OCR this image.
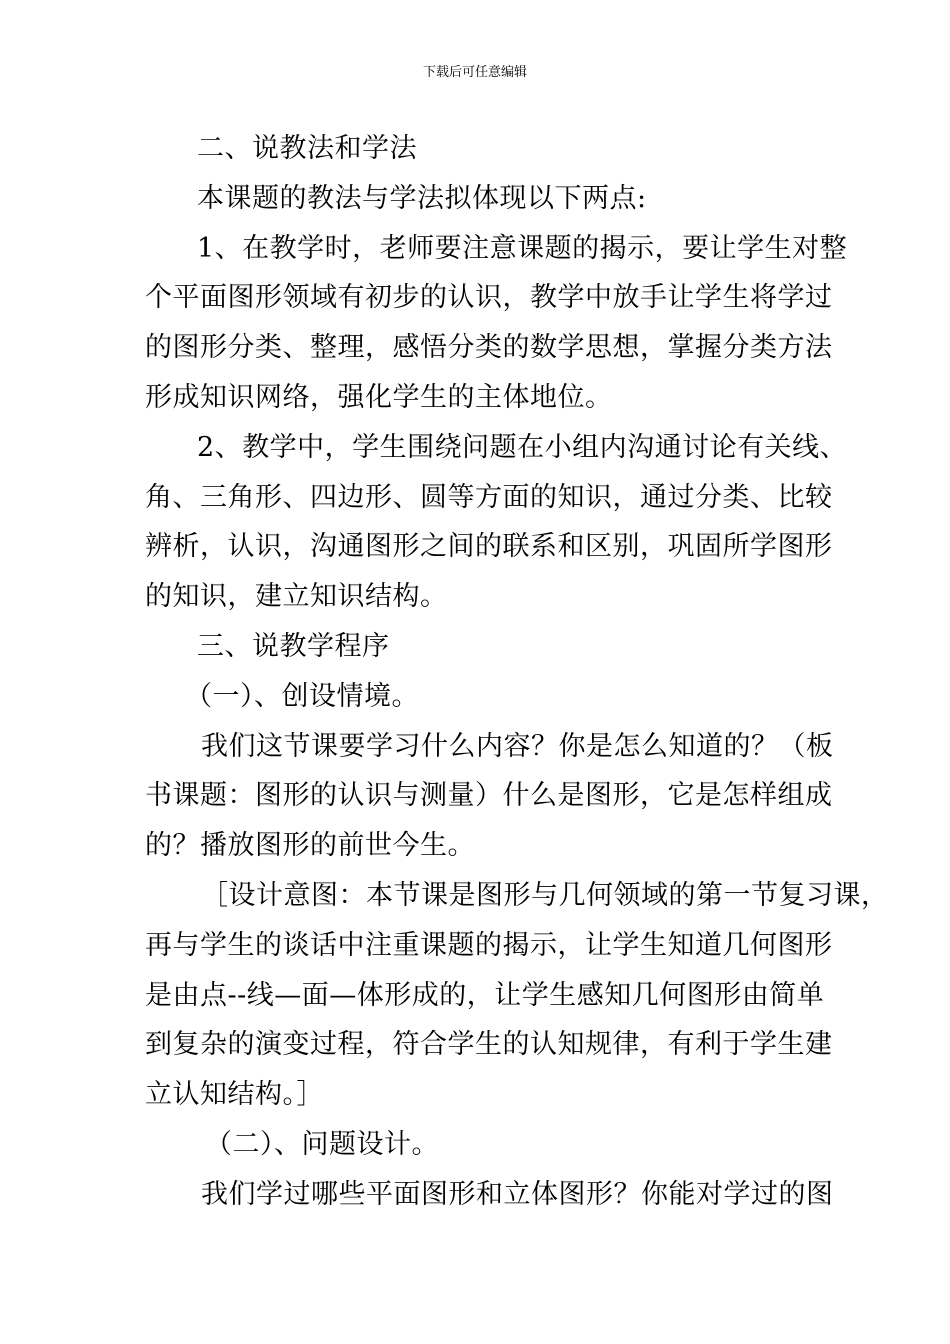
下载后可任意编辑
二、说教法和学法
本课题的教法与学法拟体现以下两点:
1、在教学时，老师要注意课题的揭示，要让学生对整
个平面图形领域有初步的认识，教学中放手让学生将学过
的图形分类、整理，感悟分类的数学思想，掌握分类方法
形成知识网络，强化学生的主体地位。
2、教学中，学生围绕问题在小组内沟通讨论有关线、
角、三角形、四边形、圆等方面的知识，通过分类、比较
辨析，认识，沟通图形之间的联系和区别，巩固所学图形
的知识，建立知识结构。
三、说教学程序
（一）、创设情境。
我们这节课要学习什么内容？你是怎么知道的？（板
书课题：图形的认识与测量）什么是图形，它是怎样组成
的？播放图形的前世今生。
［设计意图：本节课是图形与几何领域的第一节复习课，
再与学生的谈话中注重课题的揭示，让学生知道几何图形
是由点--线—面—体形成的，让学生感知几何图形由简单
到复杂的演变过程，符合学生的认知规律，有利于学生建
立认知结构。］
（二）、问题设计。
我们学过哪些平面图形和立体图形？你能对学过的图
